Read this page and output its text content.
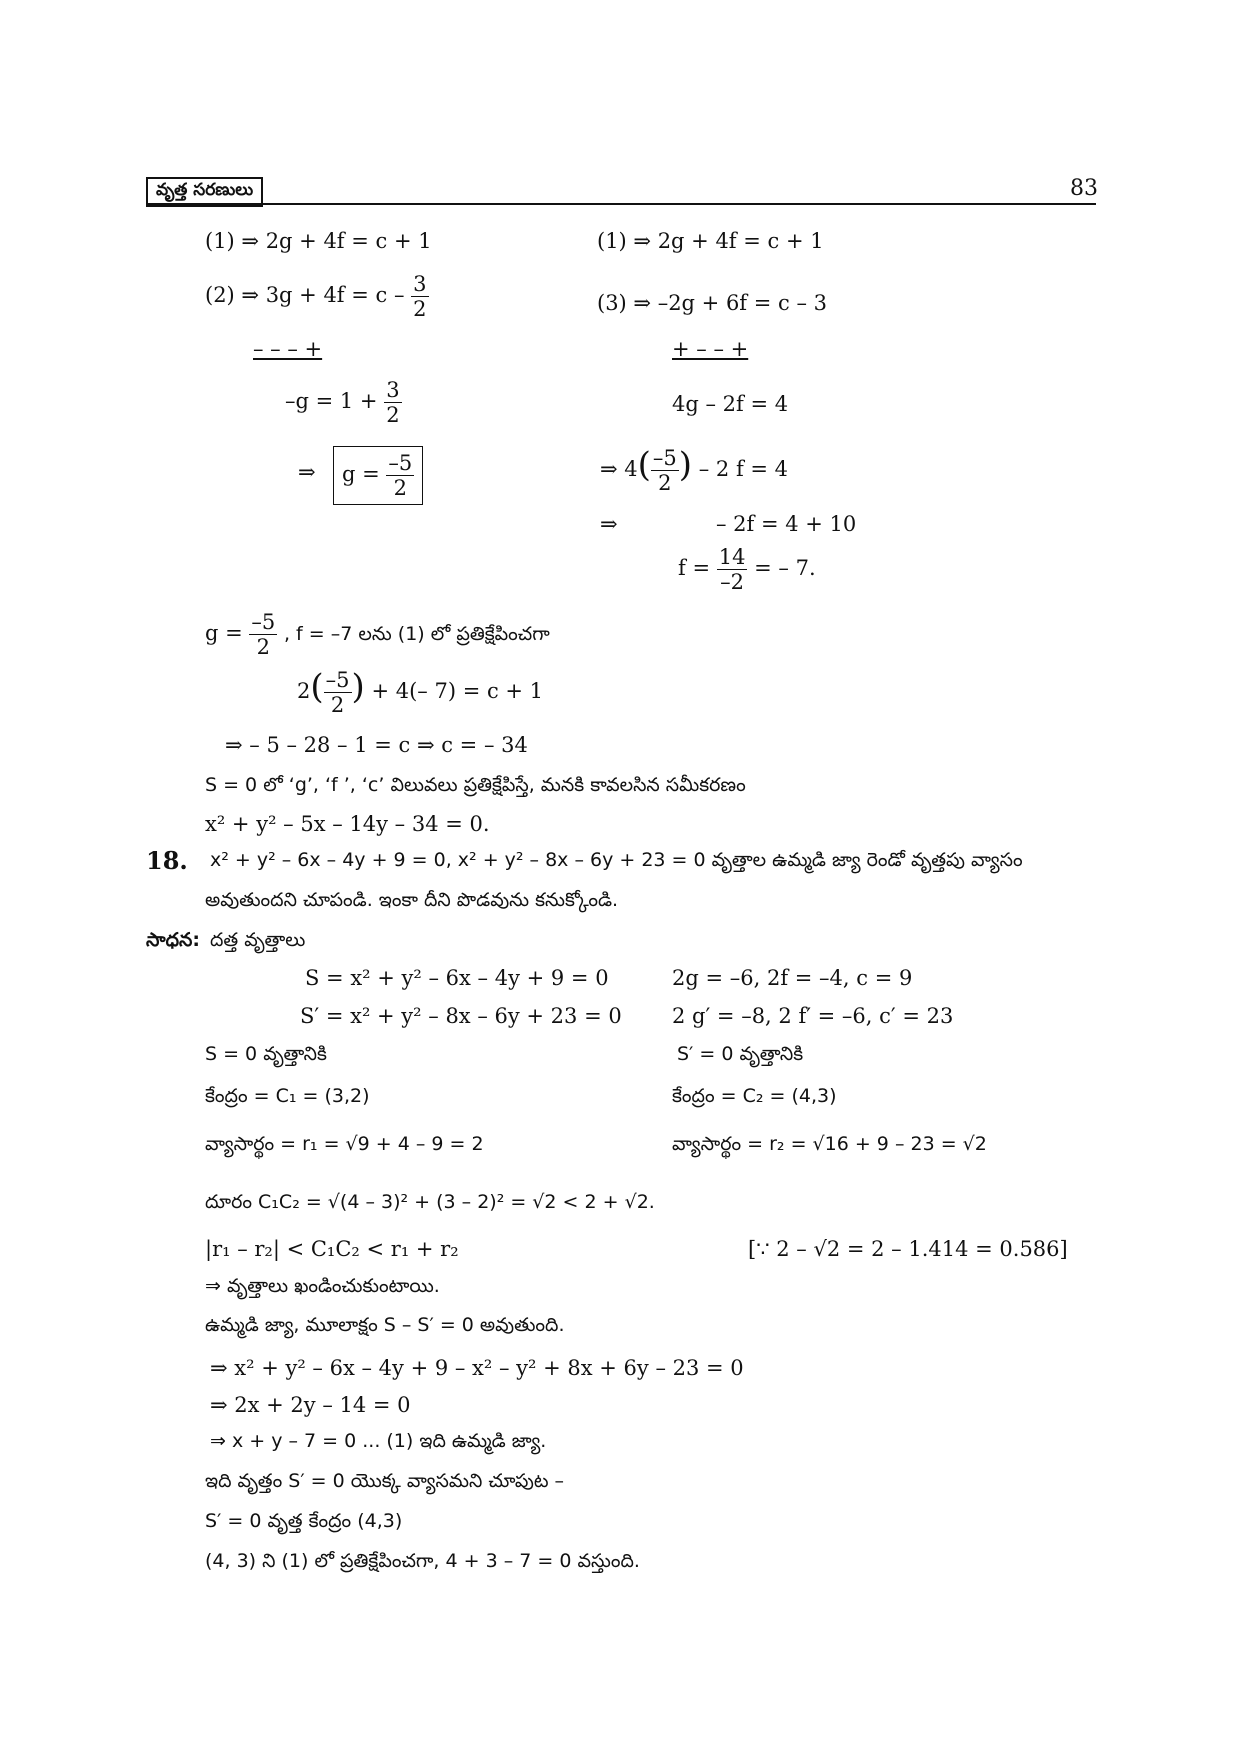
వృత్త సరణులు	83
(1) ⇒ 2g + 4f = c + 1
(2) ⇒ $3g + 4f = c - \frac{3}{2}$
– – – +
$-g = 1 + \frac{3}{2}$
⇒	$g = \frac{-5}{2}$
(1) ⇒ 2g + 4f = c + 1
(3) ⇒ –2g + 6f = c – 3
+ – – +
4g – 2f = 4
⇒ $4( \frac{-5}{2}$ ) – 2 f = 4
⇒	– 2f = 4 + 10
$f = \frac{14}{-2}$ = – 7.
$g = \frac{-5}{2}$ , f = –7 లను (1) లో ప్రతిక్షేపించగా
$2( \frac{-5}{2}$ ) + 4(– 7) = c + 1
⇒ – 5 – 28 – 1 = c ⇒ c = – 34
S = 0 లో ‘g’, ‘f ’, ‘c’ విలువలు ప్రతిక్షేపిస్తే, మనకి కావలసిన సమీకరణం
x² + y² – 5x – 14y – 34 = 0.
18. x² + y² – 6x – 4y + 9 = 0, x² + y² – 8x – 6y + 23 = 0 వృత్తాల ఉమ్మడి జ్యా రెండో వృత్తపు వ్యాసం
అవుతుందని చూపండి. ఇంకా దీని పొడవును కనుక్కోండి.
సాధన: దత్త వృత్తాలు
S = x² + y² – 6x – 4y + 9 = 0	2g = –6, 2f = –4, c = 9
S′ = x² + y² – 8x – 6y + 23 = 0 2 g′ = –8, 2 f′ = –6, c′ = 23
S = 0 వృత్తానికి	S′ = 0 వృత్తానికి
కేంద్రం = C₁ = (3,2)	కేంద్రం = C₂ = (4,3)
వ్యాసార్థం = r₁ = √9 + 4 – 9 = 2	వ్యాసార్థం = r₂ = √16 + 9 – 23 = √2
దూరం C₁C₂ = √(4 – 3)² + (3 – 2)² = √2 < 2 + √2.
|r₁ – r₂| < C₁C₂ < r₁ + r₂	[∵ 2 – √2 = 2 – 1.414 = 0.586]
⇒ వృత్తాలు ఖండించుకుంటాయి.
ఉమ్మడి జ్యా, మూలాక్షం S – S′ = 0 అవుతుంది.
⇒ x² + y² – 6x – 4y + 9 – x² – y² + 8x + 6y – 23 = 0
⇒ 2x + 2y – 14 = 0
⇒ x + y – 7 = 0 ... (1) ఇది ఉమ్మడి జ్యా.
ఇది వృత్తం S′ = 0 యొక్క వ్యాసమని చూపుట –
S′ = 0 వృత్త కేంద్రం (4,3)
(4, 3) ని (1) లో ప్రతిక్షేపించగా, 4 + 3 – 7 = 0 వస్తుంది.
